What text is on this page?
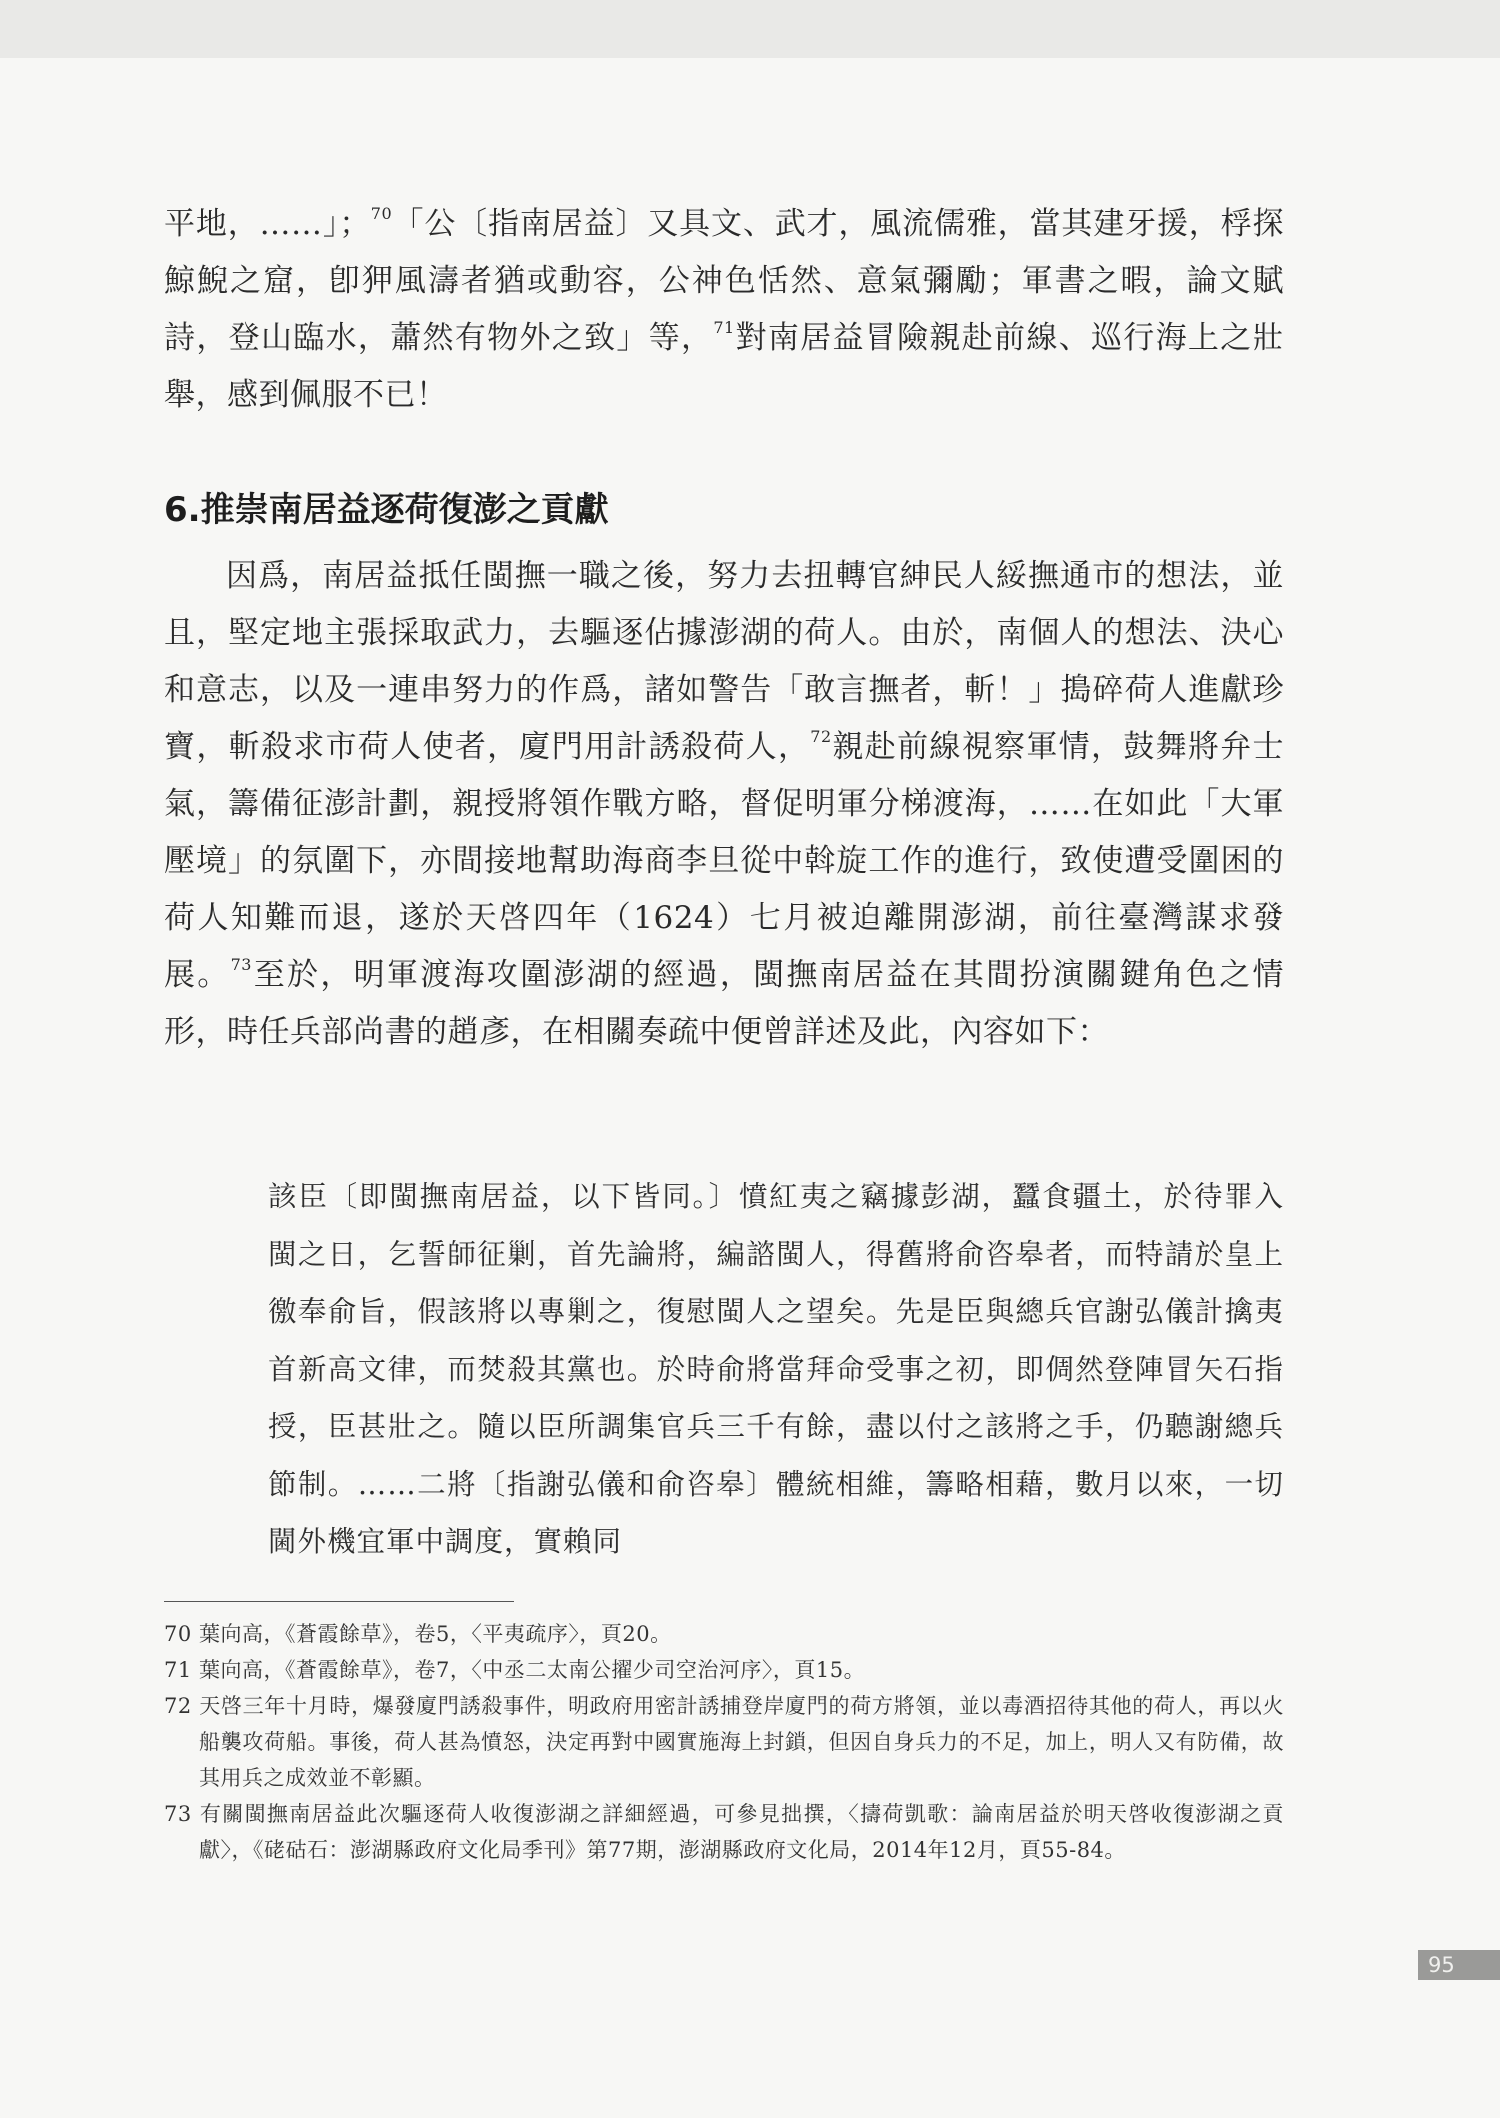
平地，……」；$^{70}$「公〔指南居益〕又具文、武才，風流儒雅，當其建牙援，桴探鯨鯢之窟，卽狎風濤者猶或動容，公神色恬然、意氣彌勵；軍書之暇，論文賦詩，登山臨水，蕭然有物外之致」等，$^{71}$對南居益冒險親赴前線、巡行海上之壯舉，感到佩服不已！
6.推崇南居益逐荷復澎之貢獻
因爲，南居益抵任閩撫一職之後，努力去扭轉官紳民人綏撫通市的想法，並且，堅定地主張採取武力，去驅逐佔據澎湖的荷人。由於，南個人的想法、決心和意志，以及一連串努力的作爲，諸如警告「敢言撫者，斬！」搗碎荷人進獻珍寶，斬殺求市荷人使者，廈門用計誘殺荷人，$^{72}$親赴前線視察軍情，鼓舞將弁士氣，籌備征澎計劃，親授將領作戰方略，督促明軍分梯渡海，……在如此「大軍壓境」的氛圍下，亦間接地幫助海商李旦從中斡旋工作的進行，致使遭受圍困的荷人知難而退，遂於天啓四年（1624）七月被迫離開澎湖，前往臺灣謀求發展。$^{73}$至於，明軍渡海攻圍澎湖的經過，閩撫南居益在其間扮演關鍵角色之情形，時任兵部尚書的趙彥，在相關奏疏中便曾詳述及此，內容如下：
該臣〔即閩撫南居益，以下皆同。〕憤紅夷之竊據彭湖，蠶食疆土，於待罪入閩之日，乞誓師征剿，首先論將，編諮閩人，得舊將俞咨皋者，而特請於皇上徼奉俞旨，假該將以專剿之，復慰閩人之望矣。先是臣與總兵官謝弘儀計擒夷首新高文律，而焚殺其黨也。於時俞將當拜命受事之初，即倜然登陣冒矢石指授，臣甚壯之。隨以臣所調集官兵三千有餘，盡以付之該將之手，仍聽謝總兵節制。……二將〔指謝弘儀和俞咨皋〕體統相維，籌略相藉，數月以來，一切閫外機宜軍中調度，實賴同
70 葉向高，《蒼霞餘草》，卷5，〈平夷疏序〉，頁20。
71 葉向高，《蒼霞餘草》，卷7，〈中丞二太南公擢少司空治河序〉，頁15。
72 天啓三年十月時，爆發廈門誘殺事件，明政府用密計誘捕登岸廈門的荷方將領，並以毒酒招待其他的荷人，再以火船襲攻荷船。事後，荷人甚為憤怒，決定再對中國實施海上封鎖，但因自身兵力的不足，加上，明人又有防備，故其用兵之成效並不彰顯。
73 有關閩撫南居益此次驅逐荷人收復澎湖之詳細經過，可參見拙撰，〈擣荷凱歌：論南居益於明天啓收復澎湖之貢獻〉，《硓𥑮石：澎湖縣政府文化局季刊》第77期，澎湖縣政府文化局，2014年12月，頁55-84。
95
